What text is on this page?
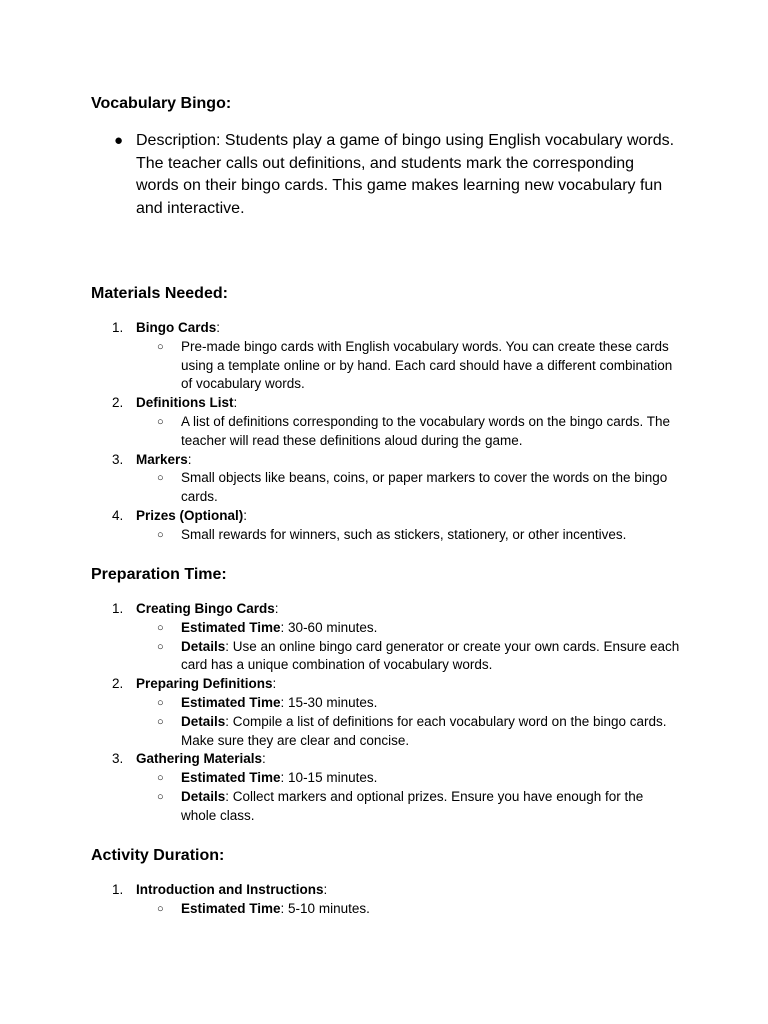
Vocabulary Bingo:
● Description: Students play a game of bingo using English vocabulary words. The teacher calls out definitions, and students mark the corresponding words on their bingo cards. This game makes learning new vocabulary fun and interactive.
Materials Needed:
1. Bingo Cards:
○ Pre-made bingo cards with English vocabulary words. You can create these cards using a template online or by hand. Each card should have a different combination of vocabulary words.
2. Definitions List:
○ A list of definitions corresponding to the vocabulary words on the bingo cards. The teacher will read these definitions aloud during the game.
3. Markers:
○ Small objects like beans, coins, or paper markers to cover the words on the bingo cards.
4. Prizes (Optional):
○ Small rewards for winners, such as stickers, stationery, or other incentives.
Preparation Time:
1. Creating Bingo Cards:
○ Estimated Time: 30-60 minutes.
○ Details: Use an online bingo card generator or create your own cards. Ensure each card has a unique combination of vocabulary words.
2. Preparing Definitions:
○ Estimated Time: 15-30 minutes.
○ Details: Compile a list of definitions for each vocabulary word on the bingo cards. Make sure they are clear and concise.
3. Gathering Materials:
○ Estimated Time: 10-15 minutes.
○ Details: Collect markers and optional prizes. Ensure you have enough for the whole class.
Activity Duration:
1. Introduction and Instructions:
○ Estimated Time: 5-10 minutes.
